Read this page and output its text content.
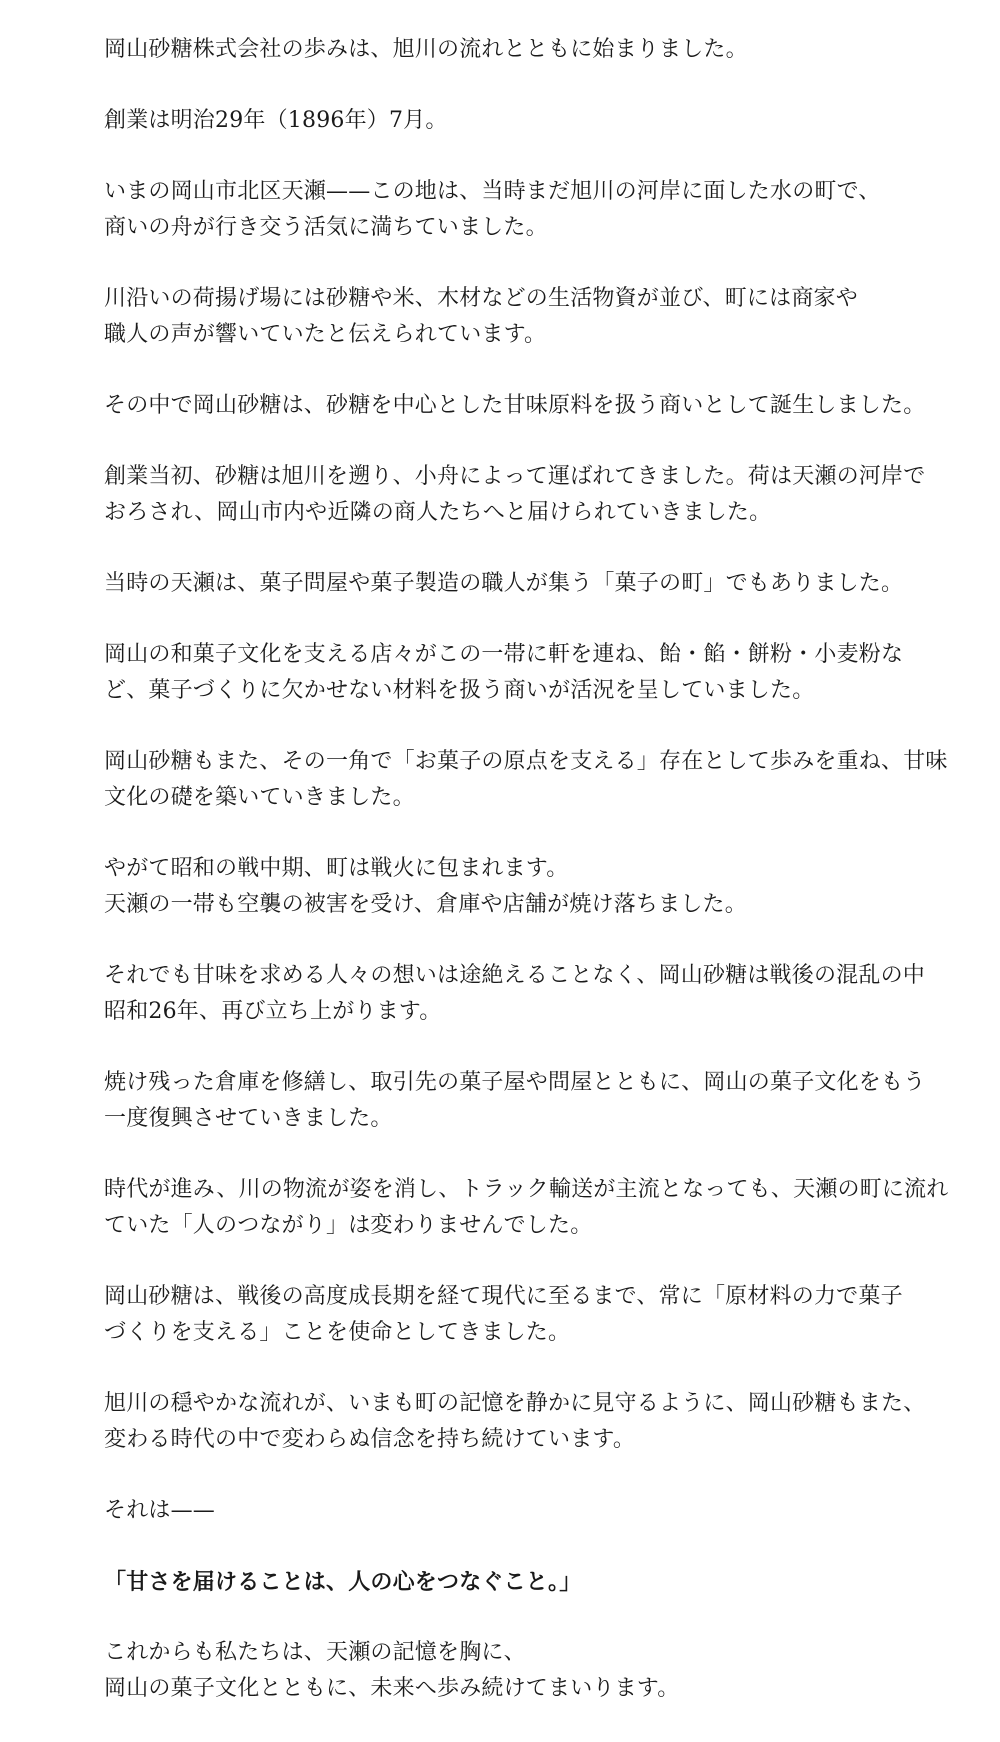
岡山砂糖株式会社の歩みは、旭川の流れとともに始まりました。

創業は明治29年（1896年）7月。

いまの岡山市北区天瀬——この地は、当時まだ旭川の河岸に面した水の町で、
商いの舟が行き交う活気に満ちていました。

川沿いの荷揚げ場には砂糖や米、木材などの生活物資が並び、町には商家や
職人の声が響いていたと伝えられています。

その中で岡山砂糖は、砂糖を中心とした甘味原料を扱う商いとして誕生しました。

創業当初、砂糖は旭川を遡り、小舟によって運ばれてきました。荷は天瀬の河岸で
おろされ、岡山市内や近隣の商人たちへと届けられていきました。

当時の天瀬は、菓子問屋や菓子製造の職人が集う「菓子の町」でもありました。

岡山の和菓子文化を支える店々がこの一帯に軒を連ね、飴・餡・餅粉・小麦粉な
ど、菓子づくりに欠かせない材料を扱う商いが活況を呈していました。

岡山砂糖もまた、その一角で「お菓子の原点を支える」存在として歩みを重ね、甘味
文化の礎を築いていきました。

やがて昭和の戦中期、町は戦火に包まれます。
天瀬の一帯も空襲の被害を受け、倉庫や店舗が焼け落ちました。

それでも甘味を求める人々の想いは途絶えることなく、岡山砂糖は戦後の混乱の中
昭和26年、再び立ち上がります。

焼け残った倉庫を修繕し、取引先の菓子屋や問屋とともに、岡山の菓子文化をもう
一度復興させていきました。

時代が進み、川の物流が姿を消し、トラック輸送が主流となっても、天瀬の町に流れ
ていた「人のつながり」は変わりませんでした。

岡山砂糖は、戦後の高度成長期を経て現代に至るまで、常に「原材料の力で菓子
づくりを支える」ことを使命としてきました。

旭川の穏やかな流れが、いまも町の記憶を静かに見守るように、岡山砂糖もまた、
変わる時代の中で変わらぬ信念を持ち続けています。

それは——

「甘さを届けることは、人の心をつなぐこと。」

これからも私たちは、天瀬の記憶を胸に、
岡山の菓子文化とともに、未来へ歩み続けてまいります。
